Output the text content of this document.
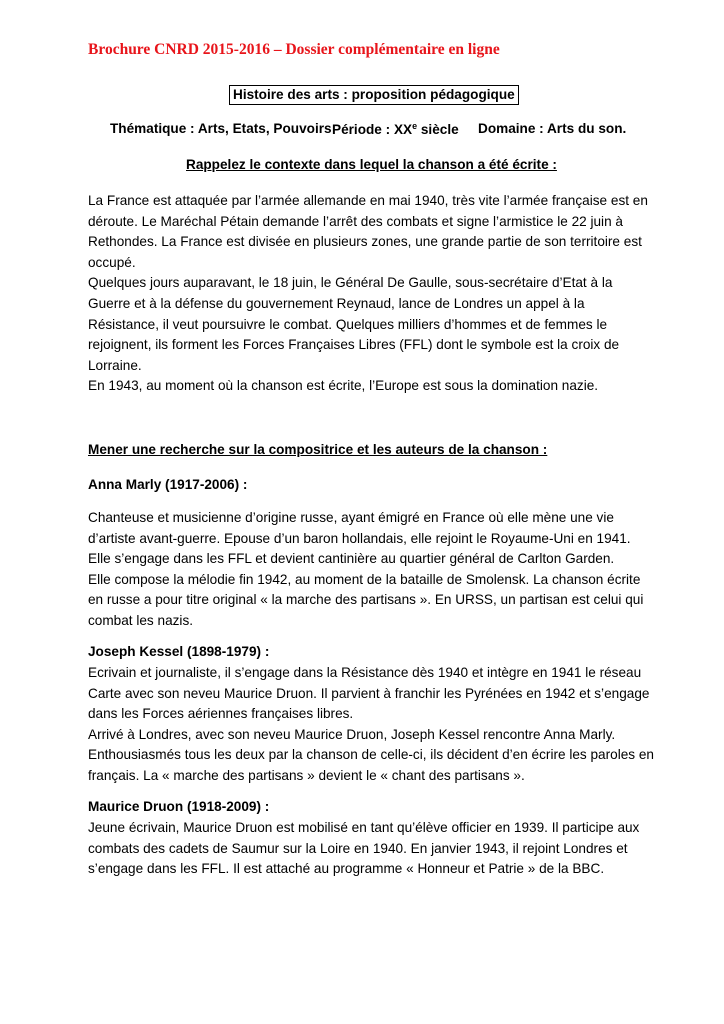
Brochure CNRD 2015-2016 – Dossier complémentaire en ligne
Histoire des arts : proposition pédagogique
Thématique : Arts, Etats, Pouvoirs Période : XXe siècle Domaine : Arts du son.
Rappelez le contexte dans lequel la chanson a été écrite :
La France est attaquée par l’armée allemande en mai 1940, très vite l’armée française est en
déroute. Le Maréchal Pétain demande l’arrêt des combats et signe l’armistice le 22 juin à
Rethondes. La France est divisée en plusieurs zones, une grande partie de son territoire est
occupé.
Quelques jours auparavant, le 18 juin, le Général De Gaulle, sous-secrétaire d’Etat à la
Guerre et à la défense du gouvernement Reynaud, lance de Londres un appel à la
Résistance, il veut poursuivre le combat. Quelques milliers d’hommes et de femmes le
rejoignent, ils forment les Forces Françaises Libres (FFL) dont le symbole est la croix de
Lorraine.
En 1943, au moment où la chanson est écrite, l’Europe est sous la domination nazie.
Mener une recherche sur la compositrice et les auteurs de la chanson :
Anna Marly (1917-2006) :
Chanteuse et musicienne d’origine russe, ayant émigré en France où elle mène une vie
d’artiste avant-guerre. Epouse d’un baron hollandais, elle rejoint le Royaume-Uni en 1941.
Elle s’engage dans les FFL et devient cantinière au quartier général de Carlton Garden.
Elle compose la mélodie fin 1942, au moment de la bataille de Smolensk. La chanson écrite
en russe a pour titre original « la marche des partisans ». En URSS, un partisan est celui qui
combat les nazis.
Joseph Kessel (1898-1979) :
Ecrivain et journaliste, il s’engage dans la Résistance dès 1940 et intègre en 1941 le réseau
Carte avec son neveu Maurice Druon. Il parvient à franchir les Pyrénées en 1942 et s’engage
dans les Forces aériennes françaises libres.
Arrivé à Londres, avec son neveu Maurice Druon, Joseph Kessel rencontre Anna Marly.
Enthousiasmés tous les deux par la chanson de celle-ci, ils décident d’en écrire les paroles en
français. La « marche des partisans » devient le « chant des partisans ».
Maurice Druon (1918-2009) :
Jeune écrivain, Maurice Druon est mobilisé en tant qu’élève officier en 1939. Il participe aux
combats des cadets de Saumur sur la Loire en 1940. En janvier 1943, il rejoint Londres et
s’engage dans les FFL. Il est attaché au programme « Honneur et Patrie » de la BBC.
